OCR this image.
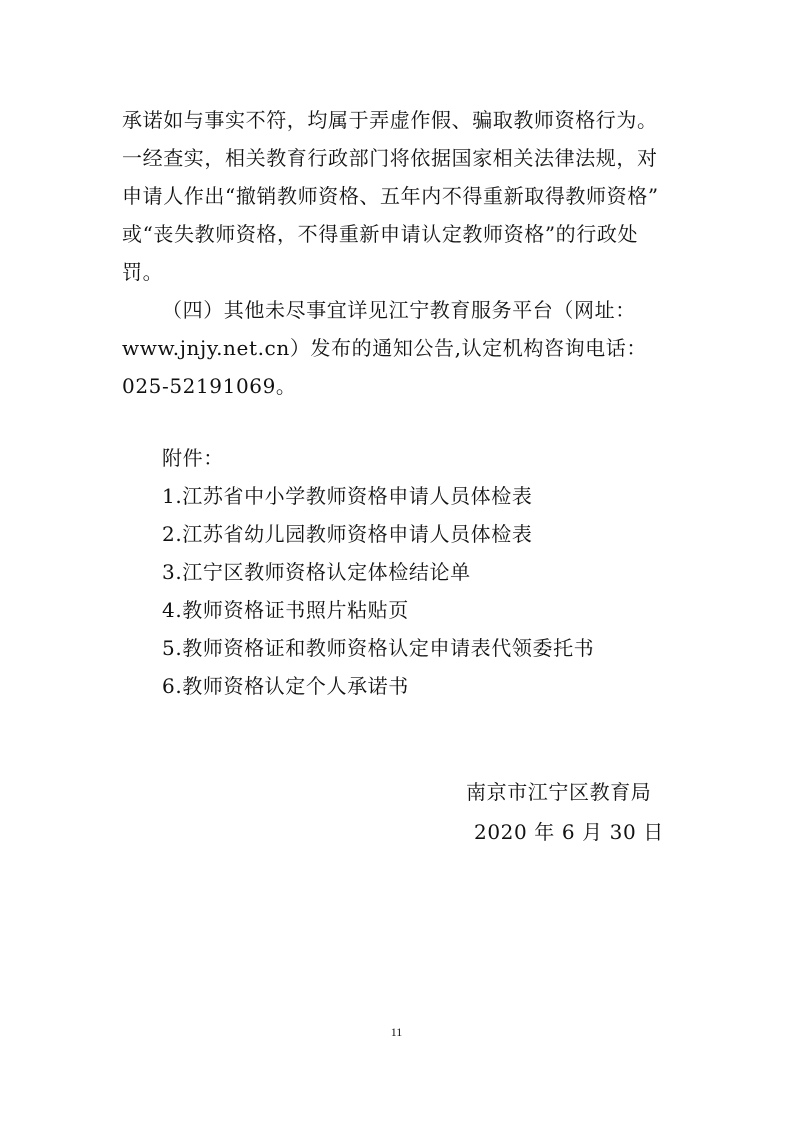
承诺如与事实不符，均属于弄虚作假、骗取教师资格行为。
一经查实，相关教育行政部门将依据国家相关法律法规，对
申请人作出“撤销教师资格、五年内不得重新取得教师资格”
或“丧失教师资格，不得重新申请认定教师资格”的行政处
罚。
（四）其他未尽事宜详见江宁教育服务平台（网址：
www.jnjy.net.cn）发布的通知公告,认定机构咨询电话：
025-52191069。
附件：
1.江苏省中小学教师资格申请人员体检表
2.江苏省幼儿园教师资格申请人员体检表
3.江宁区教师资格认定体检结论单
4.教师资格证书照片粘贴页
5.教师资格证和教师资格认定申请表代领委托书
6.教师资格认定个人承诺书
南京市江宁区教育局
2020 年 6 月 30 日
11
